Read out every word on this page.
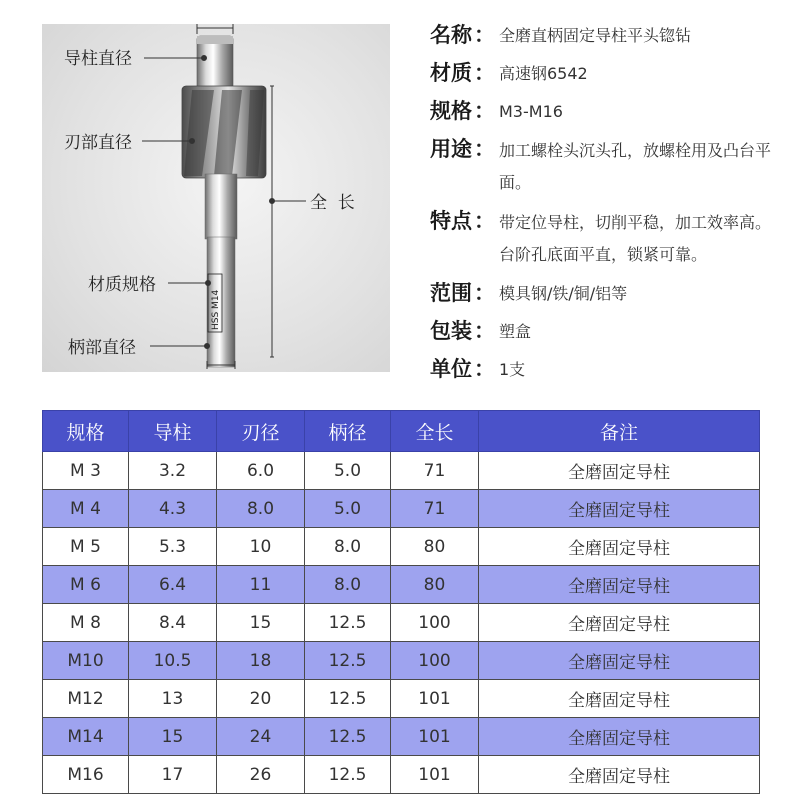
HSS M14
导柱直径
刃部直径
全  长
材质规格
柄部直径
名称 ： 全磨直柄固定导柱平头锪钻
材质 ： 高速钢6542
规格 ： M3-M16
用途 ： 加工螺栓头沉头孔，放螺栓用及凸台平面。
特点 ： 带定位导柱，切削平稳，加工效率高。台阶孔底面平直，锁紧可靠。
范围 ： 模具钢/铁/铜/铝等
包装 ： 塑盒
单位 ： 1支
规格	导柱	刃径	柄径	全长	备注
M 3	3.2	6.0	5.0	71	全磨固定导柱
M 4	4.3	8.0	5.0	71	全磨固定导柱
M 5	5.3	10	8.0	80	全磨固定导柱
M 6	6.4	11	8.0	80	全磨固定导柱
M 8	8.4	15	12.5	100	全磨固定导柱
M10	10.5	18	12.5	100	全磨固定导柱
M12	13	20	12.5	101	全磨固定导柱
M14	15	24	12.5	101	全磨固定导柱
M16	17	26	12.5	101	全磨固定导柱
